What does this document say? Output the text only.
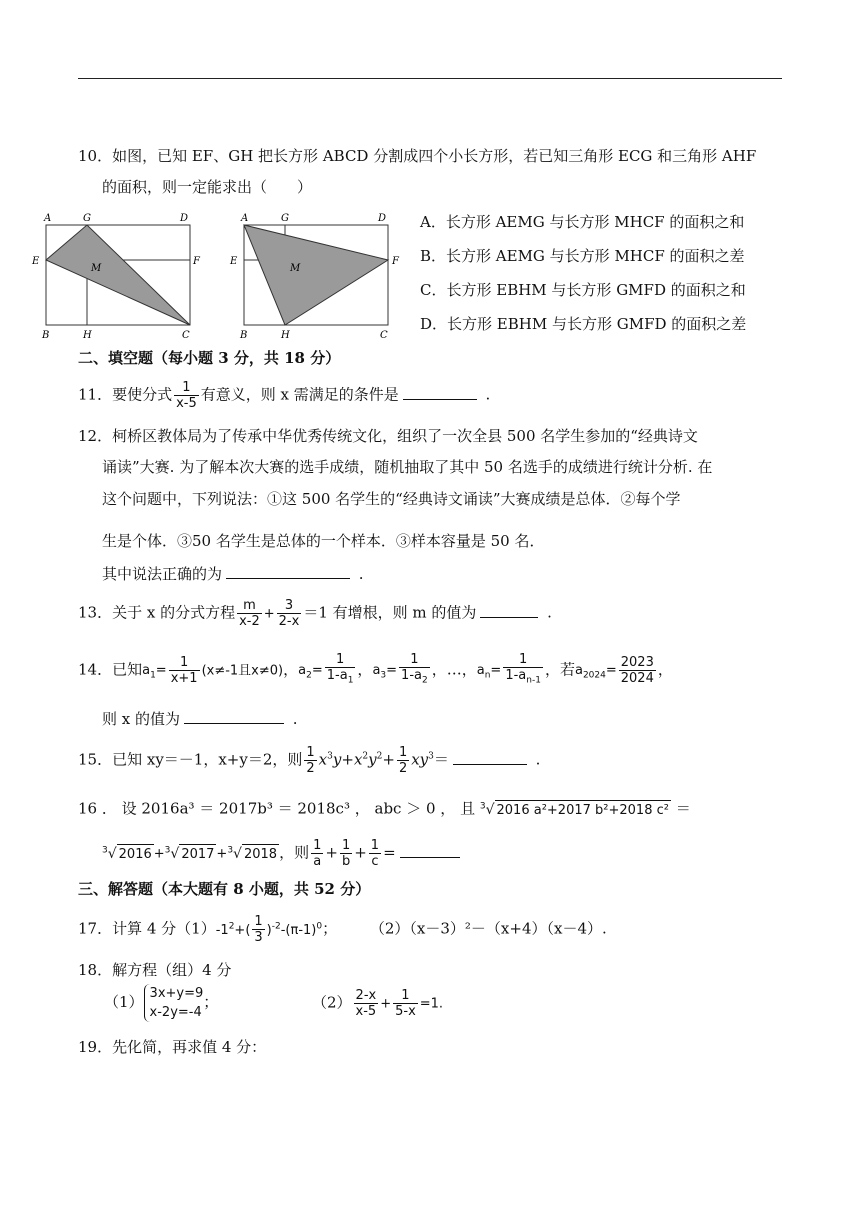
10．如图，已知 EF、GH 把长方形 ABCD 分割成四个小长方形，若已知三角形 ECG 和三角形 AHF
的面积，则一定能求出（　　）
A	G	D
E	F
M
B	H	C
A	G	D
E	F
M
B	H	C
A．长方形 AEMG 与长方形 MHCF 的面积之和
B．长方形 AEMG 与长方形 MHCF 的面积之差
C．长方形 EBHM 与长方形 GMFD 的面积之和
D．长方形 EBHM 与长方形 GMFD 的面积之差
二、填空题（每小题 3 分，共 18 分）
11．要使分式 $\frac{1}{x-5}$ 有意义，则 x 需满足的条件是	.
12．柯桥区教体局为了传承中华优秀传统文化，组织了一次全县 500 名学生参加的“经典诗文
诵读”大赛. 为了解本次大赛的选手成绩，随机抽取了其中 50 名选手的成绩进行统计分析. 在
这个问题中，下列说法：①这 500 名学生的“经典诗文诵读”大赛成绩是总体．②每个学
生是个体．③50 名学生是总体的一个样本．③样本容量是 50 名．
其中说法正确的为	.
13．关于 x 的分式方程 $\frac{m}{x-2} + \frac{3}{2-x} =1$ 有增根，则 m 的值为	.
14．已知$a_1= \frac{1}{x+1} (x\ne-1$且x≠0)，$a_2= \frac{1}{1-a_1}$ ，$a_3= \frac{1}{1-a_2}$ ，…，$a_n= \frac{1}{1-a_{n-1}}$ ，若$a_{2024}= \frac{2023}{2024}$ ，
则 x 的值为	.
15．已知 xy＝－1，x+y＝2，则 $\frac{1}{2} x^3y+x^2y^2+ \frac{1}{2} xy^3=$	.
16 ． 设 2016a³ ＝ 2017b³ ＝ 2018c³ ， abc ＞ 0 ， 且 $^3$√ 2016 a²+2017 b²+2018 c² ＝
$^3$√ 2016 +$^3$√ 2017 +$^3$√ 2018 ，则 $\frac{1}{a} + \frac{1}{b} + \frac{1}{c}$ =
三、解答题（本大题有 8 小题，共 52 分）
17．计算 4 分$(1)-1^2+( \frac{1}{3} )^{-2}-(\pi-1)^0$； （2）（x－3）²－（x+4）（x－4）.
18．解方程（组）4 分
（1） 3x+y=9
x-2y=-4
；	$(2) \frac{2-x}{x-5} + \frac{1}{5-x} =1$.
19．先化简，再求值 4 分：
